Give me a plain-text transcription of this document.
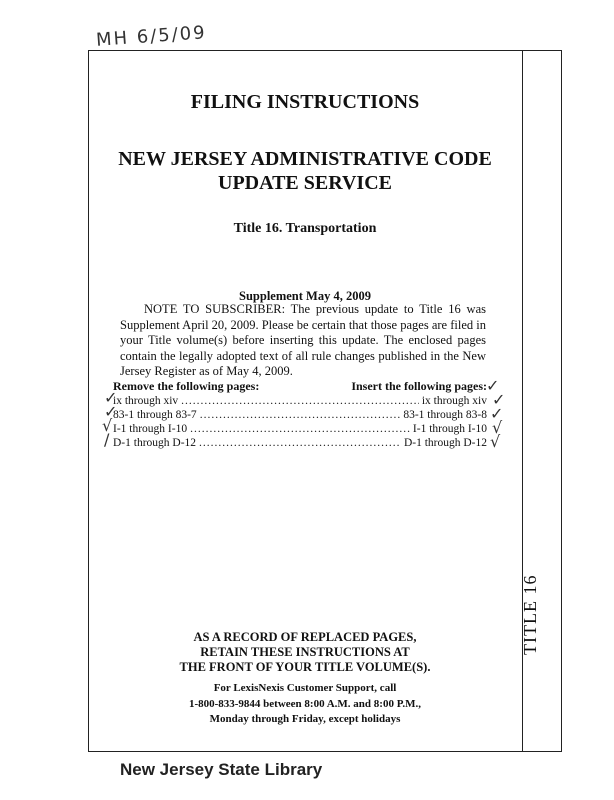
MH 6/5/09
TITLE 16
FILING INSTRUCTIONS
NEW JERSEY ADMINISTRATIVE CODE
UPDATE SERVICE
Title 16. Transportation
Supplement May 4, 2009

NOTE TO SUBSCRIBER: The previous update to Title 16 was Supplement April 20, 2009. Please be certain that those pages are filed in your Title volume(s) before inserting this update. The enclosed pages contain the legally adopted text of all rule changes published in the New Jersey Register as of May 4, 2009.

Remove the following pages:	Insert the following pages:
ix through xiv .....	ix through xiv
83-1 through 83-7 .....	83-1 through 83-8
I-1 through I-10 .....	I-1 through I-10
D-1 through D-12 .....	D-1 through D-12
✓
✓
√
/
✓
✓
✓
√
√
AS A RECORD OF REPLACED PAGES,
RETAIN THESE INSTRUCTIONS AT
THE FRONT OF YOUR TITLE VOLUME(S).
For LexisNexis Customer Support, call
1-800-833-9844 between 8:00 A.M. and 8:00 P.M.,
Monday through Friday, except holidays
New Jersey State Library
